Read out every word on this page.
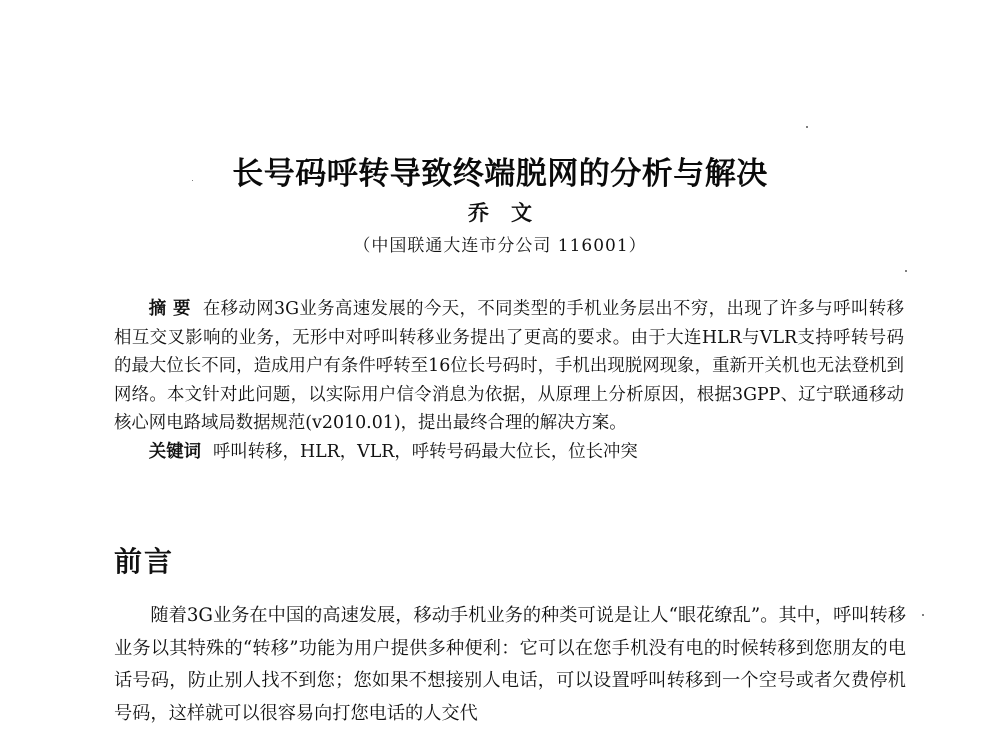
长号码呼转导致终端脱网的分析与解决
乔文
（中国联通大连市分公司 116001）

摘 要 在移动网3G业务高速发展的今天，不同类型的手机业务层出不穷，出现了许多与呼叫转移相互交叉影响的业务，无形中对呼叫转移业务提出了更高的要求。由于大连HLR与VLR支持呼转号码的最大位长不同，造成用户有条件呼转至16位长号码时，手机出现脱网现象，重新开关机也无法登机到网络。本文针对此问题，以实际用户信令消息为依据，从原理上分析原因，根据3GPP、辽宁联通移动核心网电路域局数据规范(v2010.01)，提出最终合理的解决方案。

关键词 呼叫转移，HLR，VLR，呼转号码最大位长，位长冲突

前言

随着3G业务在中国的高速发展，移动手机业务的种类可说是让人“眼花缭乱”。其中，呼叫转移业务以其特殊的“转移”功能为用户提供多种便利：它可以在您手机没有电的时候转移到您朋友的电话号码，防止别人找不到您；您如果不想接别人电话，可以设置呼叫转移到一个空号或者欠费停机号码，这样就可以很容易向打您电话的人交代
